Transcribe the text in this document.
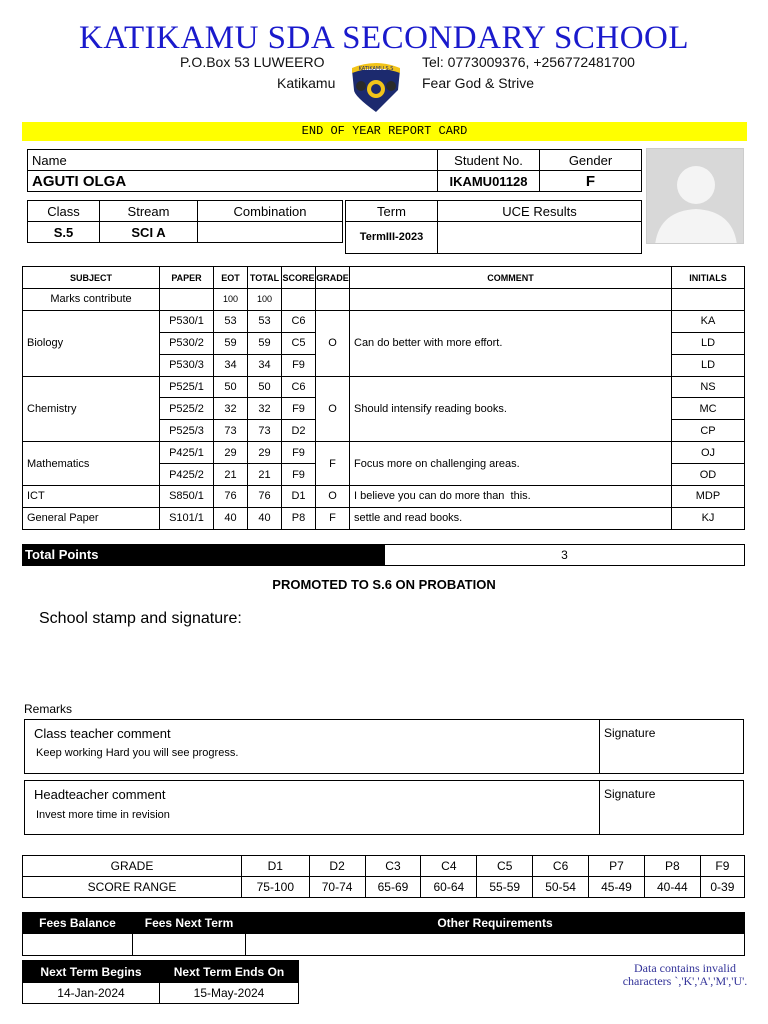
KATIKAMU SDA SECONDARY SCHOOL
P.O.Box 53 LUWEERO
Katikamu
Tel: 0773009376, +256772481700
Fear God & Strive
KATIKAMU S.S
END OF YEAR REPORT CARD
Name	Student No.	Gender
AGUTI OLGA	IKAMU01128	F
Class	Stream	Combination
S.5	SCI A	
Term	UCE Results
TermIII-2023	
SUBJECT	PAPER	EOT	TOTAL	SCORE	GRADE	COMMENT	INITIALS
Marks contribute		100	100				
Biology	P530/1	53	53	C6	O	Can do better with more effort.	KA
	P530/2	59	59	C5			LD
	P530/3	34	34	F9			LD
Chemistry	P525/1	50	50	C6	O	Should intensify reading books.	NS
	P525/2	32	32	F9			MC
	P525/3	73	73	D2			CP
Mathematics	P425/1	29	29	F9	F	Focus more on challenging areas.	OJ
	P425/2	21	21	F9			OD
ICT	S850/1	76	76	D1	O	I believe you can do more than  this.	MDP
General Paper	S101/1	40	40	P8	F	settle and read books.	KJ
Total Points	3
PROMOTED TO S.6 ON PROBATION
School stamp and signature:
Remarks
Class teacher comment
Keep working Hard you will see progress.
Signature
Headteacher comment
Invest more time in revision
Signature
GRADE	D1	D2	C3	C4	C5	C6	P7	P8	F9
SCORE RANGE	75-100	70-74	65-69	60-64	55-59	50-54	45-49	40-44	0-39
Fees Balance	Fees Next Term	Other Requirements

Next Term Begins	Next Term Ends On
14-Jan-2024	15-May-2024
Data contains invalid characters `,'K','A','M','U'.
